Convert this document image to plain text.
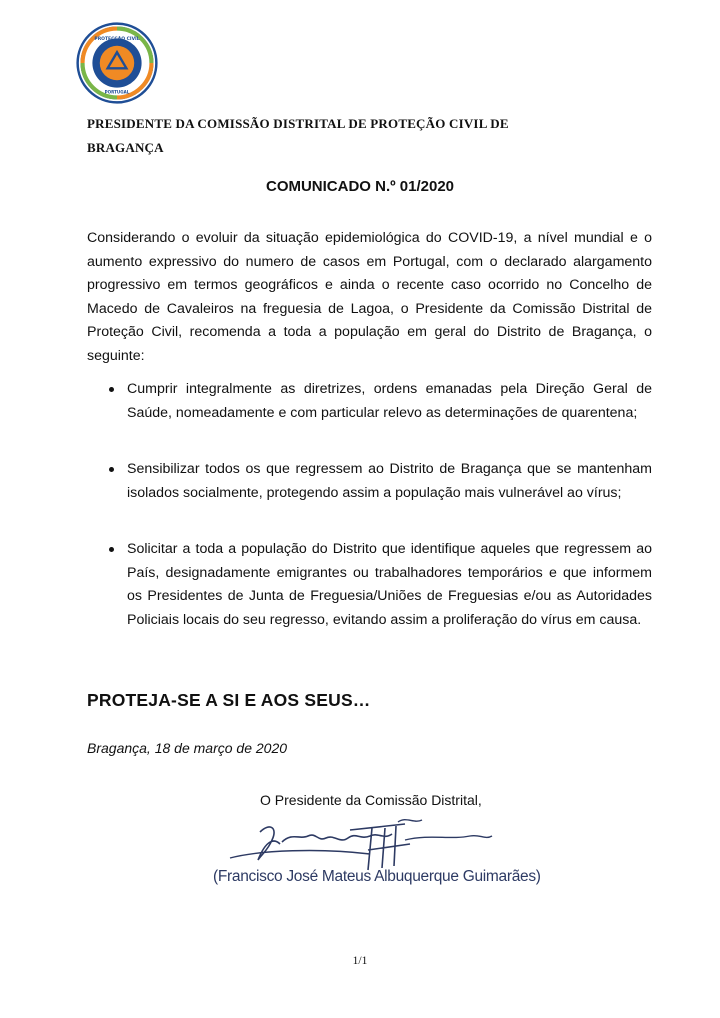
PROTECÇÃO CIVIL
PORTUGAL
PRESIDENTE DA COMISSÃO DISTRITAL DE PROTEÇÃO CIVIL DE
BRAGANÇA
COMUNICADO N.º 01/2020

Considerando o evoluir da situação epidemiológica do COVID-19, a nível mundial e o aumento expressivo do numero de casos em Portugal, com o declarado alargamento progressivo em termos geográficos e ainda o recente caso ocorrido no Concelho de Macedo de Cavaleiros na freguesia de Lagoa, o Presidente da Comissão Distrital de Proteção Civil, recomenda a toda a população em geral do Distrito de Bragança, o seguinte:

Cumprir integralmente as diretrizes, ordens emanadas pela Direção Geral de Saúde, nomeadamente e com particular relevo as determinações de quarentena;
Sensibilizar todos os que regressem ao Distrito de Bragança que se mantenham isolados socialmente, protegendo assim a população mais vulnerável ao vírus;
Solicitar a toda a população do Distrito que identifique aqueles que regressem ao País, designadamente emigrantes ou trabalhadores temporários e que informem os Presidentes de Junta de Freguesia/Uniões de Freguesias e/ou as Autoridades Policiais locais do seu regresso, evitando assim a proliferação do vírus em causa.
PROTEJA-SE A SI E AOS SEUS…
Bragança, 18 de março de 2020
O Presidente da Comissão Distrital,
(Francisco José Mateus Albuquerque Guimarães)
1/1
